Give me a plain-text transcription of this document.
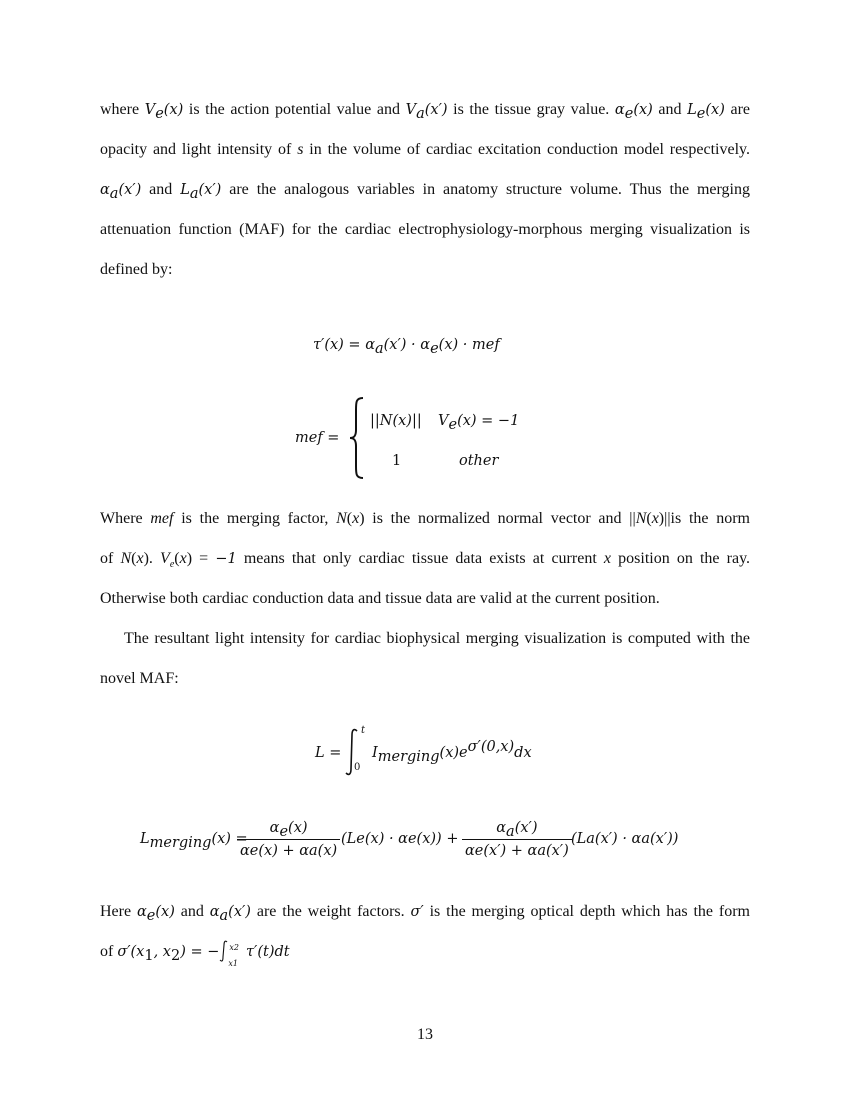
where $V_e(x)$ is the action potential value and $V_a(x')$ is the tissue gray value. $\alpha_e(x)$ and $L_e(x)$ are
opacity and light intensity of s in the volume of cardiac excitation conduction model respectively.
$\alpha_a(x')$ and $L_a(x')$ are the analogous variables in anatomy structure volume. Thus the merging
attenuation function (MAF) for the cardiac electrophysiology-morphous merging visualization is
defined by:
$\tau'(x) = \alpha_a(x') \cdot \alpha_e(x)$ · mef
mef =
||N(x)|| $V_e(x) = -1$
1	other
Where mef is the merging factor, N(x) is the normalized normal vector and ||N(x)||is the norm
of N(x). $V_e(x) = -1$ means that only cardiac tissue data exists at current x position on the ray.
Otherwise both cardiac conduction data and tissue data are valid at the current position.
The resultant light intensity for cardiac biophysical merging visualization is computed with the
novel MAF:
L =
t
0
$I_{merging}(x)e^{\sigma'(0,x)}dx$
$L_{merging}(x)$ =
$\frac{\alpha_e(x)}{\alpha e(x) + \alpha a(x)} (Le(x) \cdot \alpha e(x)) + \frac{\alpha_a(x')}{\alpha e(x') + \alpha a(x')} (La(x') \cdot \alpha a(x'))$
Here $\alpha_e(x)$ and $\alpha_a(x')$ are the weight factors. σ′ is the merging optical depth which has the form
of $\sigma'(x_1$, $x_2$) = − x2
x1
τ′(t)dt
13
